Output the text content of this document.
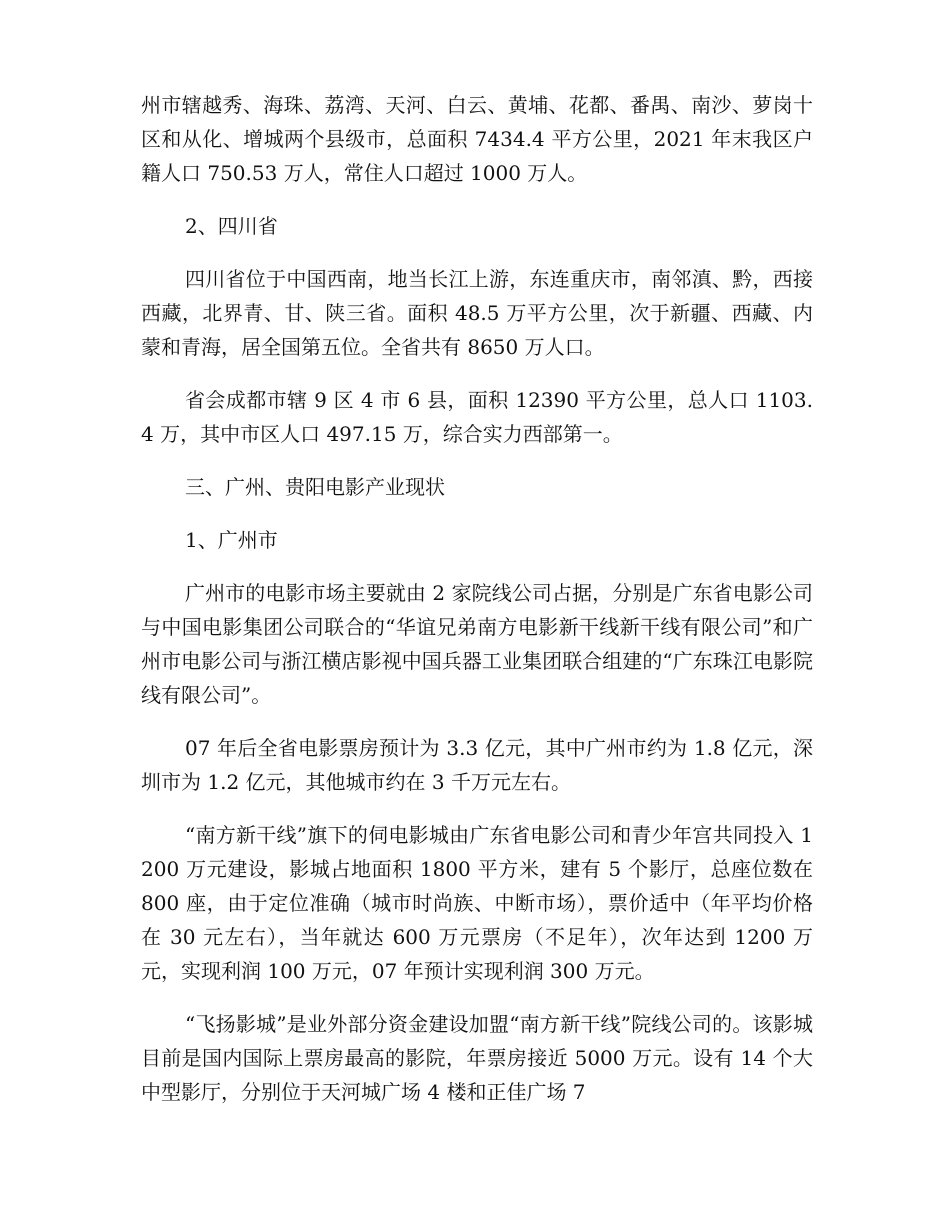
州市辖越秀、海珠、荔湾、天河、白云、黄埔、花都、番禺、南沙、萝岗十区和从化、增城两个县级市，总面积 7434.4 平方公里，2021 年末我区户籍人口 750.53 万人，常住人口超过 1000 万人。

2、四川省

四川省位于中国西南，地当长江上游，东连重庆市，南邻滇、黔，西接西藏，北界青、甘、陕三省。面积 48.5 万平方公里，次于新疆、西藏、内蒙和青海，居全国第五位。全省共有 8650 万人口。

省会成都市辖 9 区 4 市 6 县，面积 12390 平方公里，总人口 1103.4 万，其中市区人口 497.15 万，综合实力西部第一。

三、广州、贵阳电影产业现状

1、广州市

广州市的电影市场主要就由 2 家院线公司占据，分别是广东省电影公司与中国电影集团公司联合的“华谊兄弟南方电影新干线新干线有限公司”和广州市电影公司与浙江横店影视中国兵器工业集团联合组建的“广东珠江电影院线有限公司”。

07 年后全省电影票房预计为 3.3 亿元，其中广州市约为 1.8 亿元，深圳市为 1.2 亿元，其他城市约在 3 千万元左右。

“南方新干线”旗下的伺电影城由广东省电影公司和青少年宫共同投入 1200 万元建设，影城占地面积 1800 平方米，建有 5 个影厅，总座位数在 800 座，由于定位准确（城市时尚族、中断市场），票价适中（年平均价格在 30 元左右），当年就达 600 万元票房（不足年），次年达到 1200 万元，实现利润 100 万元，07 年预计实现利润 300 万元。

“飞扬影城”是业外部分资金建设加盟“南方新干线”院线公司的。该影城目前是国内国际上票房最高的影院，年票房接近 5000 万元。设有 14 个大中型影厅，分别位于天河城广场 4 楼和正佳广场 7
